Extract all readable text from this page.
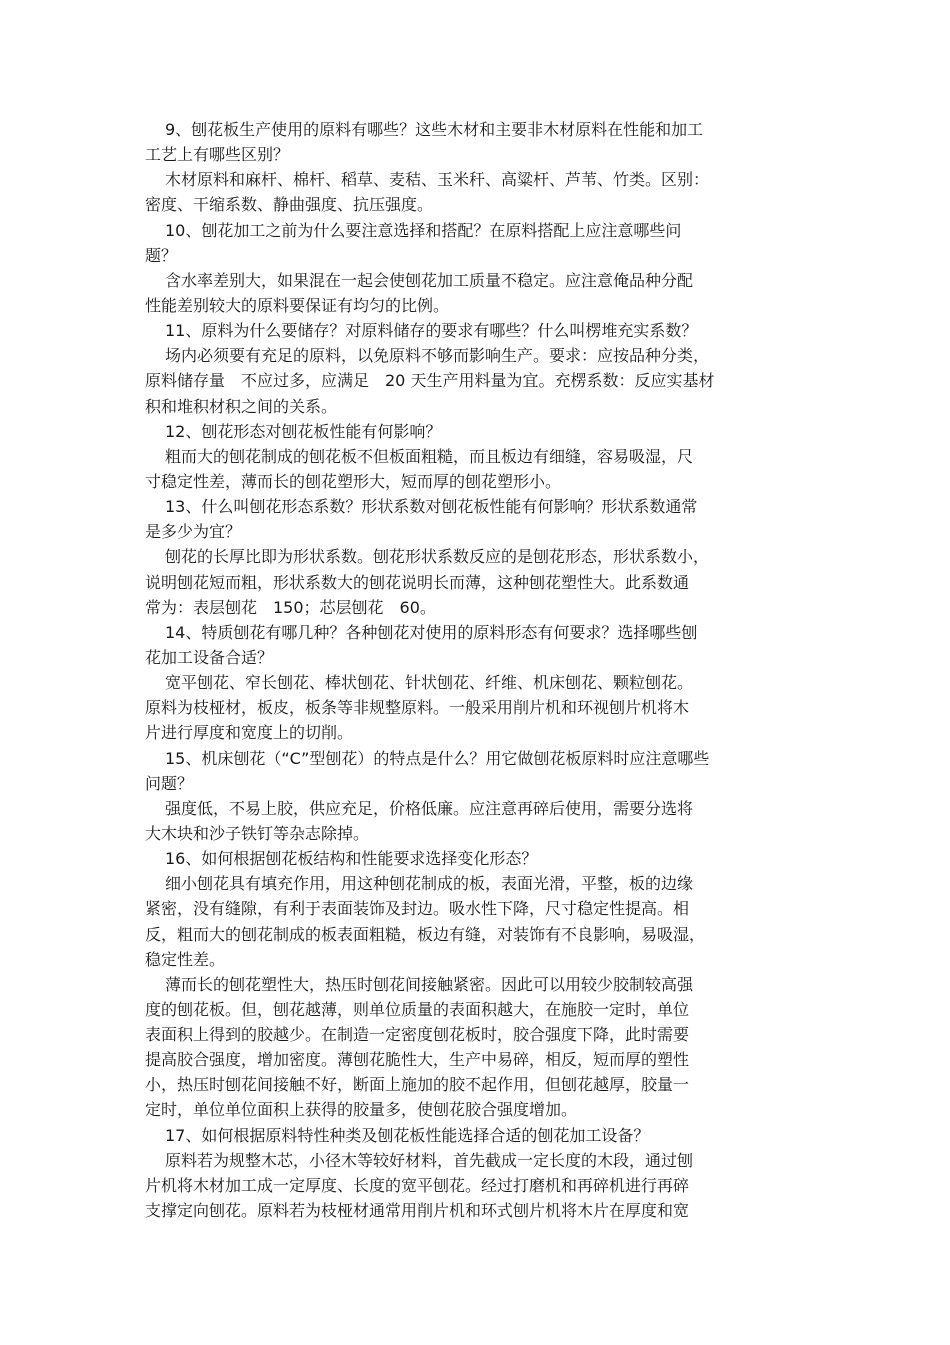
9、刨花板生产使用的原料有哪些？这些木材和主要非木材原料在性能和加工
工艺上有哪些区别？
木材原料和麻杆、棉杆、稻草、麦秸、玉米秆、高粱杆、芦苇、竹类。区别：
密度、干缩系数、静曲强度、抗压强度。
10、刨花加工之前为什么要注意选择和搭配？在原料搭配上应注意哪些问
题？
含水率差别大，如果混在一起会使刨花加工质量不稳定。应注意俺品种分配
性能差别较大的原料要保证有均匀的比例。
11、原料为什么要储存？对原料储存的要求有哪些？什么叫楞堆充实系数？
场内必须要有充足的原料，以免原料不够而影响生产。要求：应按品种分类，
原料储存量　不应过多，应满足　20 天生产用料量为宜。充楞系数：反应实基材
积和堆积材积之间的关系。
12、刨花形态对刨花板性能有何影响？
粗而大的刨花制成的刨花板不但板面粗糙，而且板边有细缝，容易吸湿，尺
寸稳定性差，薄而长的刨花塑形大，短而厚的刨花塑形小。
13、什么叫刨花形态系数？形状系数对刨花板性能有何影响？形状系数通常
是多少为宜？
刨花的长厚比即为形状系数。刨花形状系数反应的是刨花形态，形状系数小，
说明刨花短而粗，形状系数大的刨花说明长而薄，这种刨花塑性大。此系数通
常为：表层刨花　150；芯层刨花　60。
14、特质刨花有哪几种？各种刨花对使用的原料形态有何要求？选择哪些刨
花加工设备合适？
宽平刨花、窄长刨花、棒状刨花、针状刨花、纤维、机床刨花、颗粒刨花。
原料为枝桠材，板皮，板条等非规整原料。一般采用削片机和环视刨片机将木
片进行厚度和宽度上的切削。
15、机床刨花（“C”型刨花）的特点是什么？用它做刨花板原料时应注意哪些
问题？
强度低，不易上胶，供应充足，价格低廉。应注意再碎后使用，需要分选将
大木块和沙子铁钉等杂志除掉。
16、如何根据刨花板结构和性能要求选择变化形态？
细小刨花具有填充作用，用这种刨花制成的板，表面光滑，平整，板的边缘
紧密，没有缝隙，有利于表面装饰及封边。吸水性下降，尺寸稳定性提高。相
反，粗而大的刨花制成的板表面粗糙，板边有缝，对装饰有不良影响，易吸湿，
稳定性差。
薄而长的刨花塑性大，热压时刨花间接触紧密。因此可以用较少胶制较高强
度的刨花板。但，刨花越薄，则单位质量的表面积越大，在施胶一定时，单位
表面积上得到的胶越少。在制造一定密度刨花板时，胶合强度下降，此时需要
提高胶合强度，增加密度。薄刨花脆性大，生产中易碎，相反，短而厚的塑性
小，热压时刨花间接触不好，断面上施加的胶不起作用，但刨花越厚，胶量一
定时，单位单位面积上获得的胶量多，使刨花胶合强度增加。
17、如何根据原料特性种类及刨花板性能选择合适的刨花加工设备？
原料若为规整木芯，小径木等较好材料，首先截成一定长度的木段，通过刨
片机将木材加工成一定厚度、长度的宽平刨花。经过打磨机和再碎机进行再碎
支撑定向刨花。原料若为枝桠材通常用削片机和环式刨片机将木片在厚度和宽
